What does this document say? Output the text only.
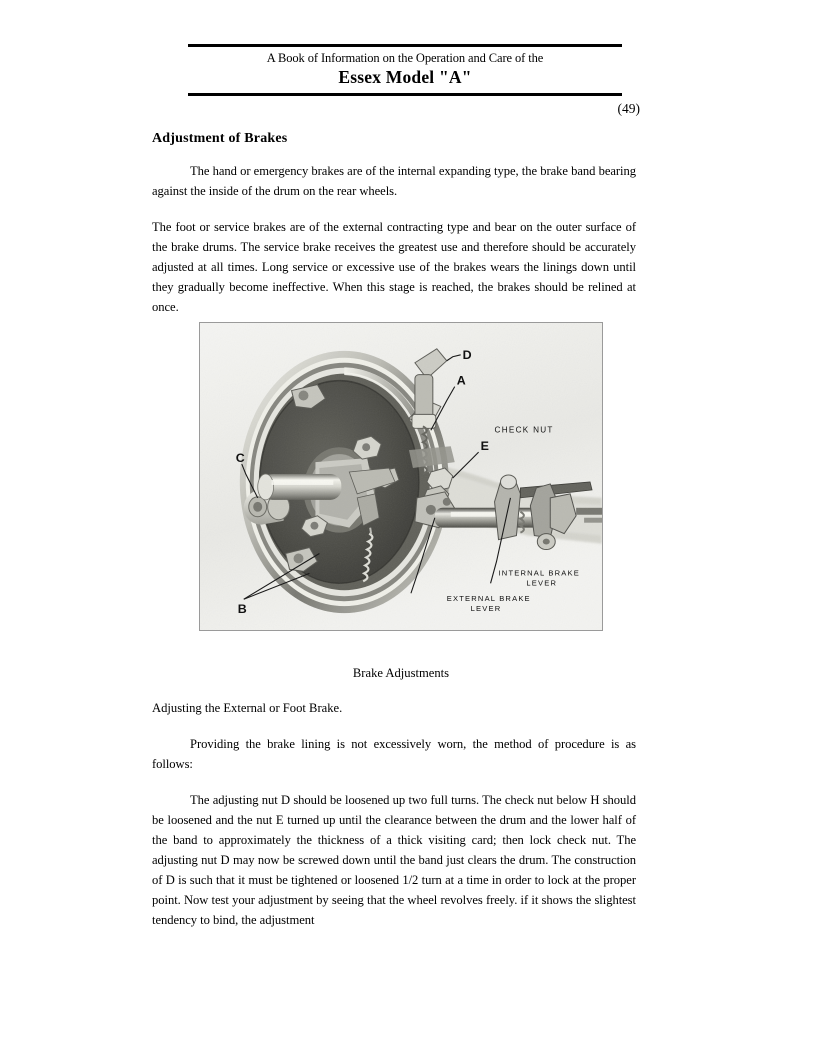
A Book of Information on the Operation and Care of the
Essex Model "A"
(49)
Adjustment of Brakes

The hand or emergency brakes are of the internal expanding type, the brake band bearing against the inside of the drum on the rear wheels.

The foot or service brakes are of the external contracting type and bear on the outer surface of the brake drums. The service brake receives the greatest use and therefore should be accurately adjusted at all times. Long service or excessive use of the brakes wears the linings down until they gradually become ineffective. When this stage is reached, the brakes should be relined at once.

D
A
E
C
B
CHECK NUT
EXTERNAL BRAKE
LEVER
INTERNAL BRAKE
LEVER
Brake Adjustments

Adjusting the External or Foot Brake.

Providing the brake lining is not excessively worn, the method of procedure is as follows:

The adjusting nut D should be loosened up two full turns. The check nut below H should be loosened and the nut E turned up until the clearance between the drum and the lower half of the band to approximately the thickness of a thick visiting card; then lock check nut. The adjusting nut D may now be screwed down until the band just clears the drum. The construction of D is such that it must be tightened or loosened 1/2 turn at a time in order to lock at the proper point. Now test your adjustment by seeing that the wheel revolves freely. if it shows the slightest tendency to bind, the adjustment
